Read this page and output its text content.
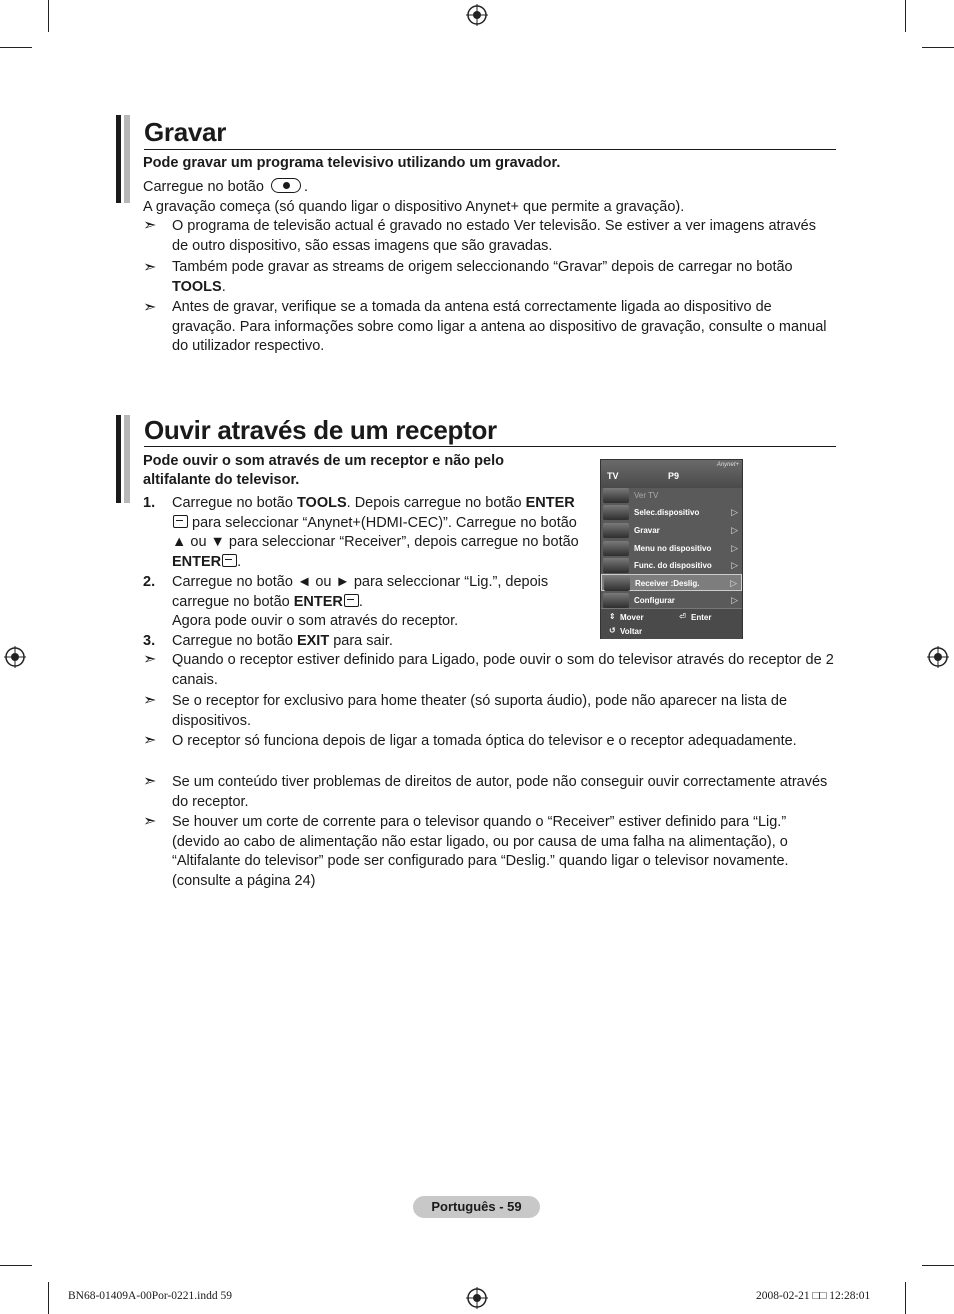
Gravar
Pode gravar um programa televisivo utilizando um gravador.
Carregue no botão	.
A gravação começa (só quando ligar o dispositivo Anynet+ que permite a gravação).
➣ O programa de televisão actual é gravado no estado Ver televisão. Se estiver a ver imagens através de outro dispositivo, são essas imagens que são gravadas.
➣ Também pode gravar as streams de origem seleccionando “Gravar” depois de carregar no botão TOOLS.
➣ Antes de gravar, verifique se a tomada da antena está correctamente ligada ao dispositivo de gravação. Para informações sobre como ligar a antena ao dispositivo de gravação, consulte o manual do utilizador respectivo.
Ouvir através de um receptor
Pode ouvir o som através de um receptor e não pelo altifalante do televisor.
1. Carregue no botão TOOLS. Depois carregue no botão ENTER para seleccionar “Anynet+(HDMI-CEC)”. Carregue no botão ▲ ou ▼ para seleccionar “Receiver”, depois carregue no botão ENTER .
2. Carregue no botão ◄ ou ► para seleccionar “Lig.”, depois carregue no botão ENTER .
Agora pode ouvir o som através do receptor.
3. Carregue no botão EXIT para sair.
TV	P9
Anynet+
Ver TV
Selec.dispositivo	▷
Gravar	▷
Menu no dispositivo ▷
Func. do dispositivo ▷
Receiver :Deslig.	▷
Configurar	▷
⇕ Mover	⏎ Enter
↺ Voltar
➣ Quando o receptor estiver definido para Ligado, pode ouvir o som do televisor através do receptor de 2 canais.
➣ Se o receptor for exclusivo para home theater (só suporta áudio), pode não aparecer na lista de dispositivos.
➣ O receptor só funciona depois de ligar a tomada óptica do televisor e o receptor adequadamente.
➣ Se um conteúdo tiver problemas de direitos de autor, pode não conseguir ouvir correctamente através do receptor.
➣ Se houver um corte de corrente para o televisor quando o “Receiver” estiver definido para “Lig.” (devido ao cabo de alimentação não estar ligado, ou por causa de uma falha na alimentação), o “Altifalante do televisor” pode ser configurado para “Deslig.” quando ligar o televisor novamente. (consulte a página 24)
Português - 59
BN68-01409A-00Por-0221.indd 59	2008-02-21 □□ 12:28:01
